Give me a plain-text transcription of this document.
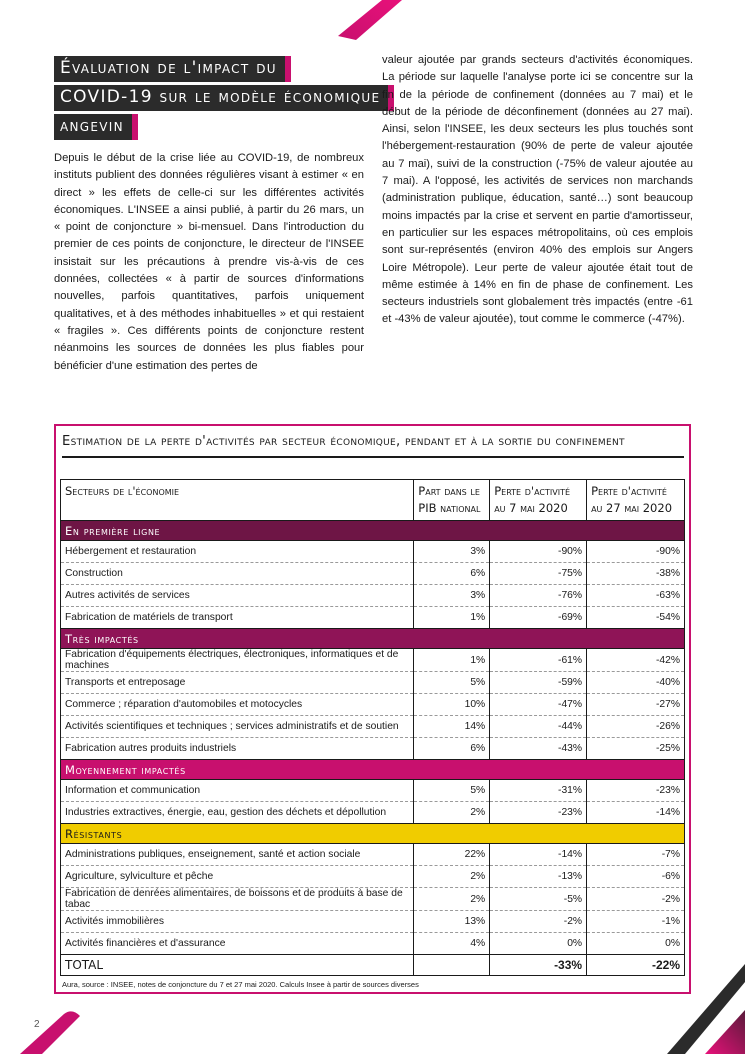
Évaluation de l'impact du
COVID-19 sur le modèle économique
angevin
Depuis le début de la crise liée au COVID-19, de nombreux instituts publient des données régulières visant à estimer « en direct » les effets de celle-ci sur les différentes activités économiques. L'INSEE a ainsi publié, à partir du 26 mars, un « point de conjoncture » bi-mensuel. Dans l'introduction du premier de ces points de conjoncture, le directeur de l'INSEE insistait sur les précautions à prendre vis-à-vis de ces données, collectées « à partir de sources d'informations nouvelles, parfois quantitatives, parfois uniquement qualitatives, et à des méthodes inhabituelles » et qui restaient « fragiles ». Ces différents points de conjoncture restent néanmoins les sources de données les plus fiables pour bénéficier d'une estimation des pertes de
valeur ajoutée par grands secteurs d'activités économiques. La période sur laquelle l'analyse porte ici se concentre sur la fin de la période de confinement (données au 7 mai) et le début de la période de déconfinement (données au 27 mai). Ainsi, selon l'INSEE, les deux secteurs les plus touchés sont l'hébergement-restauration (90% de perte de valeur ajoutée au 7 mai), suivi de la construction (-75% de valeur ajoutée au 7 mai). A l'opposé, les activités de services non marchands (administration publique, éducation, santé…) sont beaucoup moins impactés par la crise et servent en partie d'amortisseur, en particulier sur les espaces métropolitains, où ces emplois sont sur-représentés (environ 40% des emplois sur Angers Loire Métropole). Leur perte de valeur ajoutée était tout de même estimée à 14% en fin de phase de confinement. Les secteurs industriels sont globalement très impactés (entre -61 et -43% de valeur ajoutée), tout comme le commerce (-47%).
Estimation de la perte d'activités par secteur économique, pendant et à la sortie du confinement
Secteurs de l'économie	Part dans le PIB national	Perte d'activité au 7 mai 2020	Perte d'activité au 27 mai 2020
En première ligne			
Hébergement et restauration	3%	-90%	-90%
Construction	6%	-75%	-38%
Autres activités de services	3%	-76%	-63%
Fabrication de matériels de transport	1%	-69%	-54%
Très impactés			
Fabrication d'équipements électriques, électroniques, informatiques et de machines	1%	-61%	-42%
Transports et entreposage	5%	-59%	-40%
Commerce ; réparation d'automobiles et motocycles	10%	-47%	-27%
Activités scientifiques et techniques ; services administratifs et de soutien	14%	-44%	-26%
Fabrication autres produits industriels	6%	-43%	-25%
Moyennement impactés			
Information et communication	5%	-31%	-23%
Industries extractives, énergie, eau, gestion des déchets et dépollution	2%	-23%	-14%
Résistants			
Administrations publiques, enseignement, santé et action sociale	22%	-14%	-7%
Agriculture, sylviculture et pêche	2%	-13%	-6%
Fabrication de denrées alimentaires, de boissons et de produits à base de tabac	2%	-5%	-2%
Activités immobilières	13%	-2%	-1%
Activités financières et d'assurance	4%	0%	0%
TOTAL		-33%	-22%
Aura, source : INSEE, notes de conjoncture du 7 et 27 mai 2020. Calculs Insee à partir de sources diverses
2
